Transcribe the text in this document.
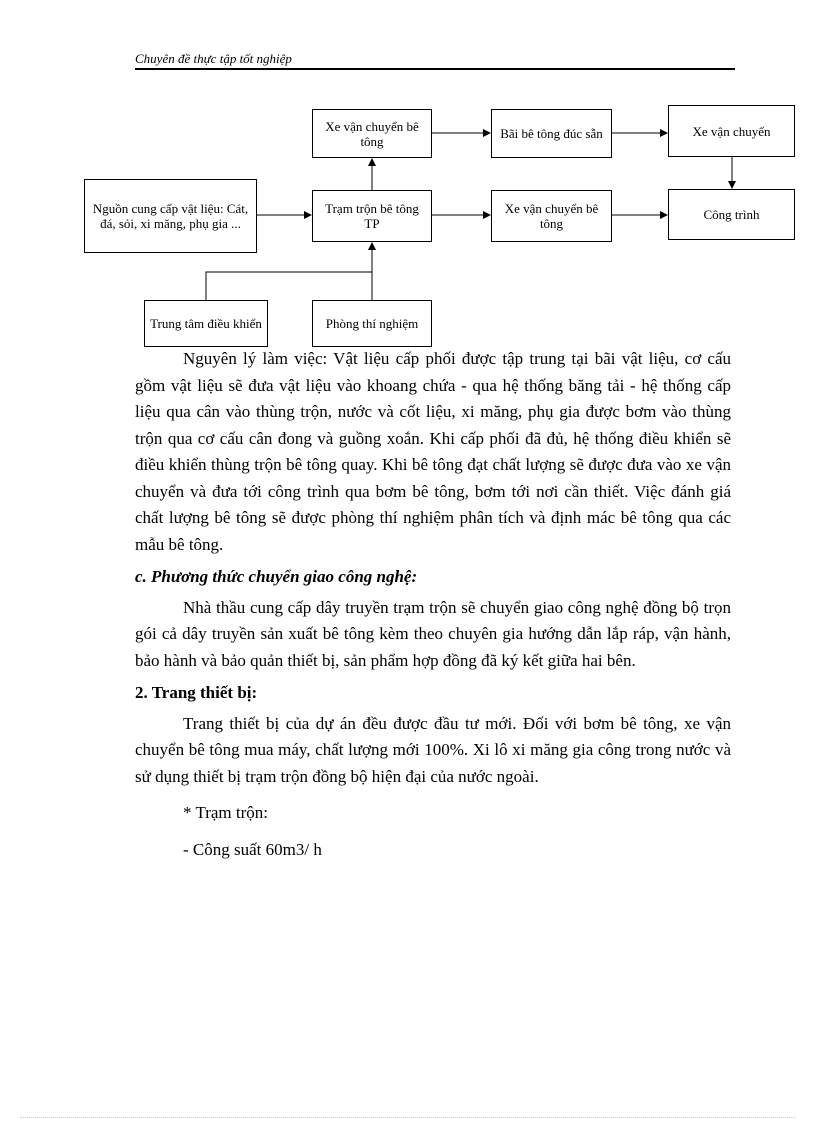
Chuyên đề thực tập tốt nghiệp
Nguồn cung cấp vật liệu: Cát, đá, sỏi, xi măng, phụ gia ...
Trạm trộn bê tông TP
Xe vận chuyển bê tông	Bãi bê tông đúc sẵn	Xe vận chuyển
Xe vận chuyển bê tông
Công trình
Trung tâm điều khiển	Phòng thí nghiệm

Nguyên lý làm việc: Vật liệu cấp phối được tập trung tại bãi vật liệu, cơ cấu gồm vật liệu sẽ đưa vật liệu vào khoang chứa - qua hệ thống băng tải - hệ thống cấp liệu qua cân vào thùng trộn, nước và cốt liệu, xi măng, phụ gia được bơm vào thùng trộn qua cơ cấu cân đong và guồng xoắn. Khi cấp phối đã đủ, hệ thống điều khiển sẽ điều khiển thùng trộn bê tông quay. Khi bê tông đạt chất lượng sẽ được đưa vào xe vận chuyển và đưa tới công trình qua bơm bê tông, bơm tới nơi cần thiết. Việc đánh giá chất lượng bê tông sẽ được phòng thí nghiệm phân tích và định mác bê tông qua các mẫu bê tông.

c. Phương thức chuyển giao công nghệ:

Nhà thầu cung cấp dây truyền trạm trộn sẽ chuyển giao công nghệ đồng bộ trọn gói cả dây truyền sản xuất bê tông kèm theo chuyên gia hướng dẫn lắp ráp, vận hành, bảo hành và bảo quản thiết bị, sản phẩm hợp đồng đã ký kết giữa hai bên.

2. Trang thiết bị:

Trang thiết bị của dự án đều được đầu tư mới. Đối với bơm bê tông, xe vận chuyển bê tông mua máy, chất lượng mới 100%. Xi lô xi măng gia công trong nước và sử dụng thiết bị trạm trộn đồng bộ hiện đại của nước ngoài.

* Trạm trộn:

- Công suất 60m3/ h
